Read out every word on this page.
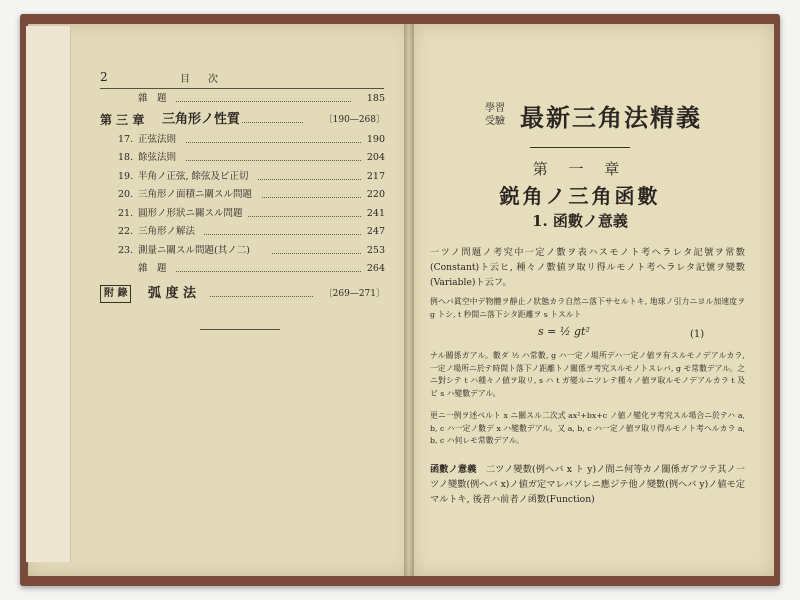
2	目　次
雜　題	185
第 三 章	三角形ノ性質	〔190—268〕
17. 正弦法則	190
18. 餘弦法則	204
19. 半角ノ正弦, 餘弦及ビ正切	217
20. 三角形ノ面積ニ關スル問題	220
21. 圓形ノ形狀ニ關スル問題	241
22. 三角形ノ解法	247
23. 測量ニ關スル問題(其ノ二)	253
雜　題	264
附 錄	弧 度 法	〔269—271〕
學習
受驗 最新三角法精義
第 一 章
鋭角ノ三角函數
1. 函數ノ意義
一ツノ問題ノ考究中一定ノ數ヲ表ハスモノト考ヘラレタ記號ヲ常數(Constant)ト云ヒ, 種々ノ數値ヲ取リ得ルモノト考ヘラレタ記號ヲ變數(Variable)ト云フ。
例ヘバ眞空中デ物體ヲ靜止ノ狀態カラ自然ニ落下サセルトキ, 地球ノ引力ニヨル加速度ヲ g トシ, t 秒間ニ落下シタ距離ヲ s トスルト
s = ½ gt²	(1)
ナル關係ガアル。數ダ ½ ハ常數, g ハ一定ノ場所デハ一定ノ値ヲ有スルモノデアルカラ, 一定ノ場所ニ於テ時間ト落下ノ距離トノ關係ヲ考究スルモノトスレバ, g モ常數デアル。之ニ對シテ t ハ種々ノ値ヲ取リ, s ハ t ガ變ルニツレテ種々ノ値ヲ取ルモノデアルカラ t 及ビ s ハ變數デアル。
更ニ一例ヲ述ベルト x ニ關スル二次式 ax²+bx+c ノ値ノ變化ヲ考究スル場合ニ於テハ a, b, c ハ一定ノ數デ x ハ變數デアル。又 a, b, c ハ一定ノ値ヲ取リ得ルモノト考ヘルカラ a, b, c ハ何レモ常數デアル。
函數ノ意義　 二ツノ變數(例ヘバ x ト y)ノ間ニ何等カノ關係ガアツテ其ノ一ツノ變數(例ヘバ x)ノ値ガ定マレバソレニ應ジテ他ノ變數(例ヘバ y)ノ値モ定マルトキ, 後者ハ前者ノ函數(Function)
